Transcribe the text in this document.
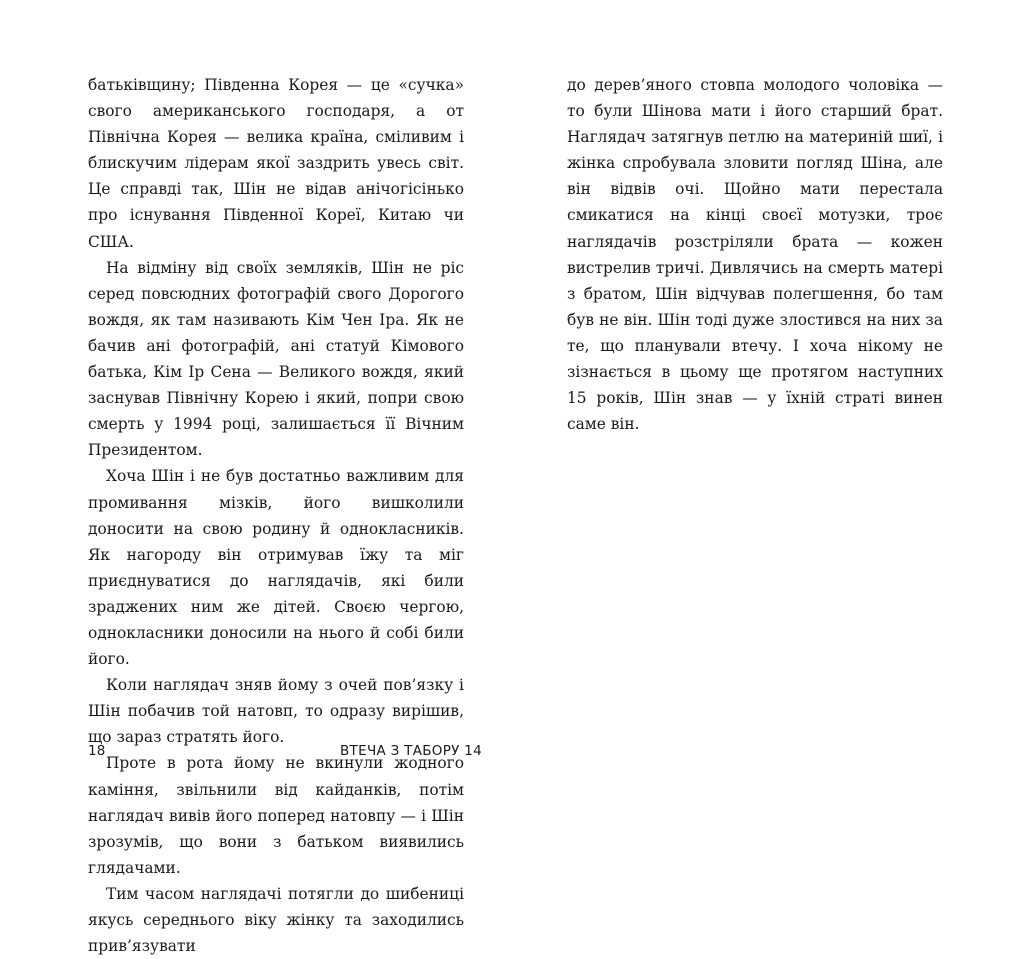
батьківщину; Південна Корея — це «сучка» свого американського господаря, а от Північна Корея — велика країна, сміливим і блискучим лідерам якої заздрить увесь світ. Це справді так, Шін не відав анічогісінько про існування Південної Кореї, Китаю чи США.

На відміну від своїх земляків, Шін не ріс серед повсюдних фотографій свого Дорогого вождя, як там називають Кім Чен Іра. Як не бачив ані фотографій, ані статуй Кімового батька, Кім Ір Сена — Великого вождя, який заснував Північну Корею і який, попри свою смерть у 1994 році, залишається її Вічним Президентом.

Хоча Шін і не був достатньо важливим для промивання мізків, його вишколили доносити на свою родину й однокласників. Як нагороду він отримував їжу та міг приєднуватися до наглядачів, які били зраджених ним же дітей. Своєю чергою, однокласники доносили на нього й собі били його.

Коли наглядач зняв йому з очей пов’язку і Шін побачив той натовп, то одразу вирішив, що зараз стратять його.

Проте в рота йому не вкинули жодного каміння, звільнили від кайданків, потім наглядач вивів його поперед натовпу — і Шін зрозумів, що вони з батьком виявились глядачами.

Тим часом наглядачі потягли до шибениці якусь середнього віку жінку та заходились прив’язувати

18	ВТЕЧА З ТАБОРУ 14

до дерев’яного стовпа молодого чоловіка — то були Шінова мати і його старший брат. Наглядач затягнув петлю на материній шиї, і жінка спробувала зловити погляд Шіна, але він відвів очі. Щойно мати перестала смикатися на кінці своєї мотузки, троє наглядачів розстріляли брата — кожен вистрелив тричі. Дивлячись на смерть матері з братом, Шін відчував полегшення, бо там був не він. Шін тоді дуже злостився на них за те, що планували втечу. І хоча нікому не зізнається в цьому ще протягом наступних 15 років, Шін знав — у їхній страті винен саме він.
